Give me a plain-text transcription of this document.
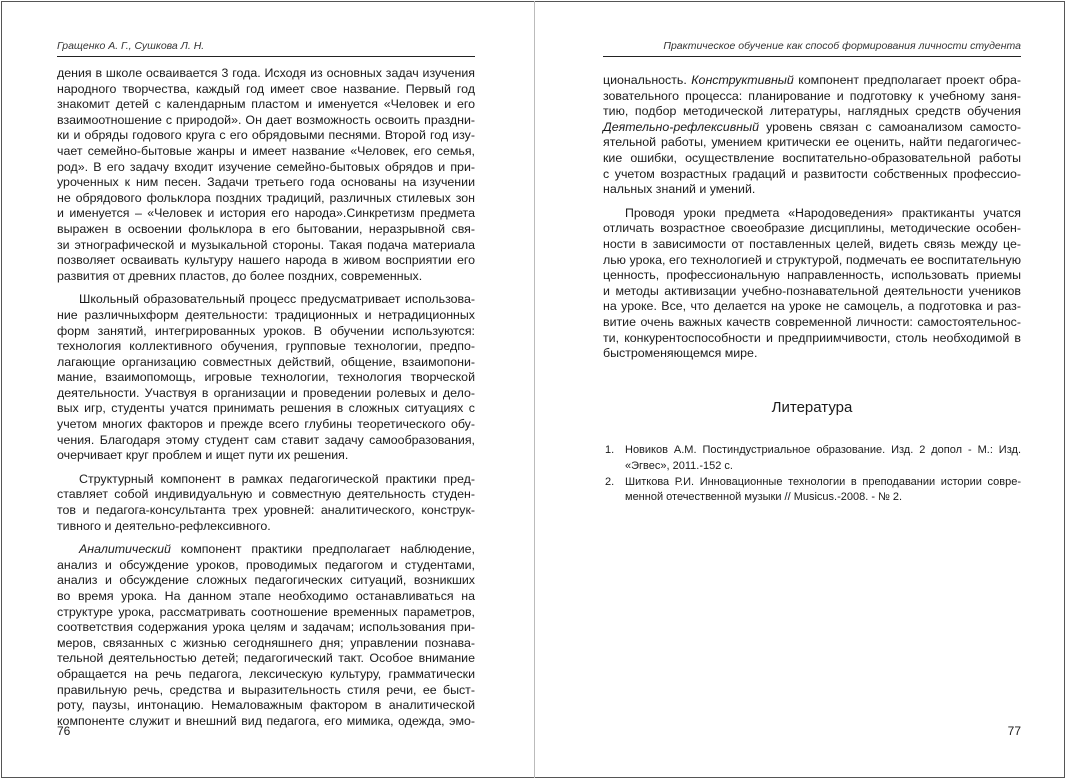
Гращенко А. Г., Сушкова Л. Н.
дения в школе осваивается 3 года. Исходя из основных задач изучения
народного творчества, каждый год имеет свое название. Первый год
знакомит детей с календарным пластом и именуется «Человек и его
взаимоотношение с природой». Он дает возможность освоить праздни-
ки и обряды годового круга с его обрядовыми песнями. Второй год изу-
чает семейно-бытовые жанры и имеет название «Человек, его семья,
род». В его задачу входит изучение семейно-бытовых обрядов и при-
уроченных к ним песен. Задачи третьего года основаны на изучении
не обрядового фольклора поздних традиций, различных стилевых зон
и именуется – «Человек и история его народа».Синкретизм предмета
выражен в освоении фольклора в его бытовании, неразрывной свя-
зи этнографической и музыкальной стороны. Такая подача материала
позволяет осваивать культуру нашего народа в живом восприятии его
развития от древних пластов, до более поздних, современных.
Школьный образовательный процесс предусматривает использова-
ние различныхформ деятельности: традиционных и нетрадиционных
форм занятий, интегрированных уроков. В обучении используются:
технология коллективного обучения, групповые технологии, предпо-
лагающие организацию совместных действий, общение, взаимопони-
мание, взаимопомощь, игровые технологии, технология творческой
деятельности. Участвуя в организации и проведении ролевых и дело-
вых игр, студенты учатся принимать решения в сложных ситуациях с
учетом многих факторов и прежде всего глубины теоретического обу-
чения. Благодаря этому студент сам ставит задачу самообразования,
очерчивает круг проблем и ищет пути их решения.
Структурный компонент в рамках педагогической практики пред-
ставляет собой индивидуальную и совместную деятельность студен-
тов и педагога-консультанта трех уровней: аналитического, конструк-
тивного и деятельно-рефлексивного.
Аналитический компонент практики предполагает наблюдение,
анализ и обсуждение уроков, проводимых педагогом и студентами,
анализ и обсуждение сложных педагогических ситуаций, возникших
во время урока. На данном этапе необходимо останавливаться на
структуре урока, рассматривать соотношение временных параметров,
соответствия содержания урока целям и задачам; использования при-
меров, связанных с жизнью сегодняшнего дня; управлении познава-
тельной деятельностью детей; педагогический такт. Особое внимание
обращается на речь педагога, лексическую культуру, грамматически
правильную речь, средства и выразительность стиля речи, ее быст-
роту, паузы, интонацию. Немаловажным фактором в аналитической
компоненте служит и внешний вид педагога, его мимика, одежда, эмо-
76
Практическое обучение как способ формирования личности студента
циональность. Конструктивный компонент предполагает проект обра-
зовательного процесса: планирование и подготовку к учебному заня-
тию, подбор методической литературы, наглядных средств обучения
Деятельно-рефлексивный уровень связан с самоанализом самосто-
ятельной работы, умением критически ее оценить, найти педагогичес-
кие ошибки, осуществление воспитательно-образовательной работы
с учетом возрастных градаций и развитости собственных профессио-
нальных знаний и умений.
Проводя уроки предмета «Народоведения» практиканты учатся
отличать возрастное своеобразие дисциплины, методические особен-
ности в зависимости от поставленных целей, видеть связь между це-
лью урока, его технологией и структурой, подмечать ее воспитательную
ценность, профессиональную направленность, использовать приемы
и методы активизации учебно-познавательной деятельности учеников
на уроке. Все, что делается на уроке не самоцель, а подготовка и раз-
витие очень важных качеств современной личности: самостоятельнос-
ти, конкурентоспособности и предприимчивости, столь необходимой в
быстроменяющемся мире.
Литература
1. Новиков А.М. Постиндустриальное образование. Изд. 2 допол - М.: Изд.
«Эгвес», 2011.-152 с.
2. Шиткова Р.И. Инновационные технологии в преподавании истории совре-
менной отечественной музыки // Musicus.-2008. - № 2.
77
